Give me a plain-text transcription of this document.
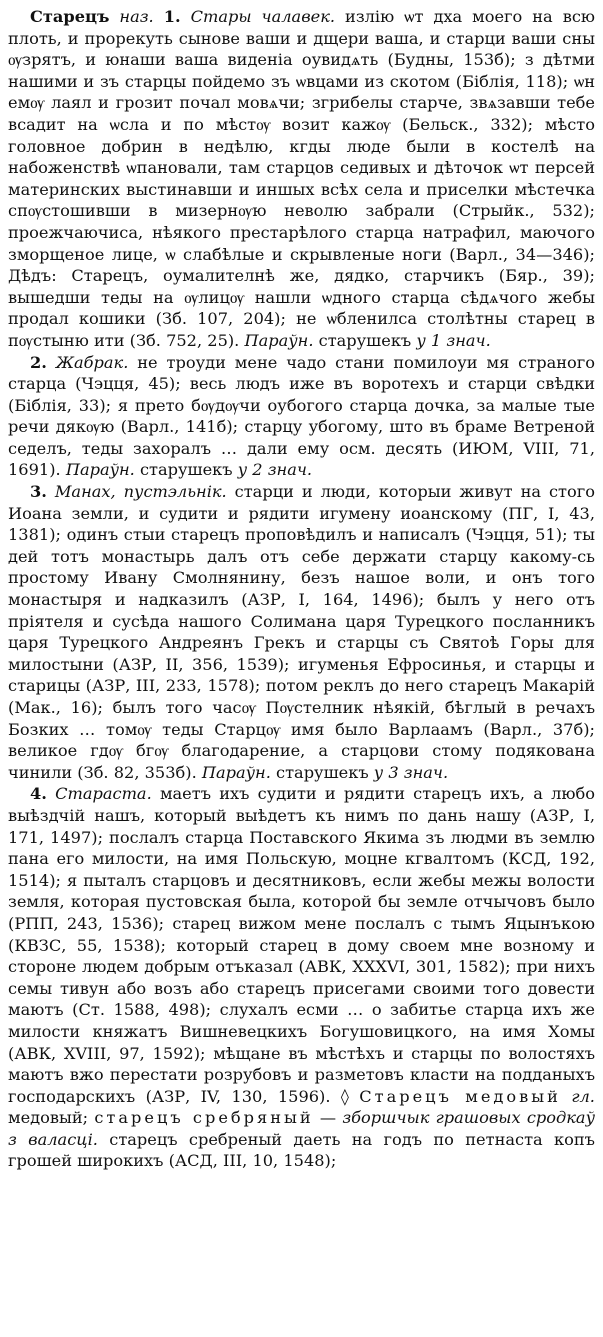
Старецъ наз. 1. Стары чалавек. излію ѡт дха моего на всю плоть, и прорекуть сынове ваши и дщери ваша, и старци ваши сны ѹзрятъ, и юнаши ваша виденіа оувидѧть (Будны, 153б); з дѣтми нашими и зъ старцы пойдемо зъ ѡвцами из скотом (Біблія, 118); ѡн емѹ лаял и грозит почал мовѧчи; згрибелы старче, звѧзавши тебе всадит на ѡсла и по мѣстѹ возит кажѹ (Бельск., 332); мѣсто головное добрин в недѣлю, кгды люде были в костелѣ на набоженствѣ ѡпановали, там старцов седивых и дѣточок ѡт персей материнских выстинавши и иншых всѣх села и приселки мѣстечка спѹстошивши в мизернѹю неволю забрали (Стрыйк., 532); проежчаючиса, нѣякого престарѣлого старца натрафил, маючого зморщеное лице, ѡ слабѣлые и скрывленые ноги (Варл., 34—346); Дѣдъ: Старецъ, оумалителнѣ же, дядко, старчикъ (Бяр., 39); вышедши теды на ѹлицѹ нашли ѡдного старца сѣдѧчого жебы продал кошики (Зб. 107, 204); не ѡбленилса столѣтны старец в пѹстыню ити (Зб. 752, 25). Параўн. старушекъ у 1 знач.

2. Жабрак. не троуди мене чадо стани помилоуи мя страного старца (Чэцця, 45); весь людъ иже въ воротехъ и старци свѣдки (Біблія, 33); я прето бѹдѹчи оубогого старца дочка, за малые тые речи дякѹю (Варл., 141б); старцу убогому, што въ браме Ветреной седелъ, теды захоралъ … дали ему осм. десять (ИЮМ, VIII, 71, 1691). Параўн. старушекъ у 2 знач.

3. Манах, пустэльнік. старци и люди, которыи живут на стого Иоана земли, и судити и рядити игумену иоанскому (ПГ, I, 43, 1381); одинъ стыи старецъ проповѣдилъ и написалъ (Чэцця, 51); ты дей тотъ монастырь далъ отъ себе держати старцу какому-сь простому Ивану Смолнянину, безъ нашое воли, и онъ того монастыря и надказилъ (АЗР, I, 164, 1496); былъ у него отъ пріятеля и сусѣда нашого Солимана царя Турецкого посланникъ царя Турецкого Андреянъ Грекъ и старцы съ Святоѣ Горы для милостыни (АЗР, II, 356, 1539); игуменья Ефросинья, и старцы и старицы (АЗР, III, 233, 1578); потом реклъ до него старецъ Макарій (Мак., 16); былъ того часѹ Пѹстелник нѣякій, бѣглый в речахъ Бозких … томѹ теды Старцѹ имя было Варлаамъ (Варл., 37б); великое гдѹ бгѹ благодарение, а старцови стому подякована чинили (Зб. 82, 353б). Параўн. старушекъ у 3 знач.

4. Стараста. маетъ ихъ судити и рядити старецъ ихъ, а любо выѣздчій нашъ, который выѣдетъ къ нимъ по дань нашу (АЗР, I, 171, 1497); послалъ старца Поставского Якима зъ людми въ землю пана его милости, на имя Польскую, моцне кгвалтомъ (КСД, 192, 1514); я пыталъ старцовъ и десятниковъ, если жебы межы волости земля, которая пустовская была, которой бы земле отчычовъ было (РПП, 243, 1536); старец вижом мене послалъ с тымъ Яцынъкою (КВЗС, 55, 1538); который старец в дому своем мне возному и стороне людем добрым отъказал (АВК, XXXVI, 301, 1582); при нихъ семы тивун або возъ або старецъ присегами своими того довести маютъ (Ст. 1588, 498); слухалъ есми … о забитье старца ихъ же милости княжатъ Вишневецкихъ Богушовицкого, на имя Хомы (АВК, XVIII, 97, 1592); мѣщане въ мѣстѣхъ и старцы по волостяхъ маютъ вжо перестати розрубовъ и разметовъ класти на подданыхъ господарскихъ (АЗР, IV, 130, 1596). ◊ Старецъ медовый гл. медовый; старецъ сребряный — зборшчык грашовых сродкаў з валасці. старецъ сребреный даеть на годъ по петнаста копъ грошей широкихъ (АСД, III, 10, 1548);
